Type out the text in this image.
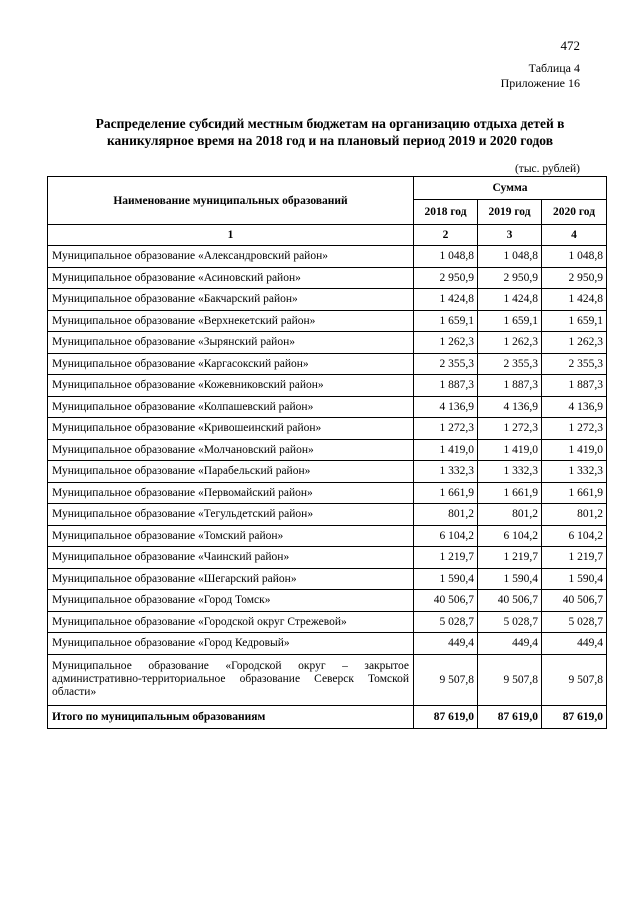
472
Таблица 4
Приложение 16
Распределение субсидий местным бюджетам на организацию отдыха детей в
каникулярное время на 2018 год и на плановый период 2019 и 2020 годов
(тыс. рублей)
Наименование муниципальных образований	Сумма		
	2018 год	2019 год	2020 год
1	2	3	4
Муниципальное образование «Александровский район»	1 048,8	1 048,8	1 048,8
Муниципальное образование «Асиновский район»	2 950,9	2 950,9	2 950,9
Муниципальное образование «Бакчарский район»	1 424,8	1 424,8	1 424,8
Муниципальное образование «Верхнекетский район»	1 659,1	1 659,1	1 659,1
Муниципальное образование «Зырянский район»	1 262,3	1 262,3	1 262,3
Муниципальное образование «Каргасокский район»	2 355,3	2 355,3	2 355,3
Муниципальное образование «Кожевниковский район»	1 887,3	1 887,3	1 887,3
Муниципальное образование «Колпашевский район»	4 136,9	4 136,9	4 136,9
Муниципальное образование «Кривошеинский район»	1 272,3	1 272,3	1 272,3
Муниципальное образование «Молчановский район»	1 419,0	1 419,0	1 419,0
Муниципальное образование «Парабельский район»	1 332,3	1 332,3	1 332,3
Муниципальное образование «Первомайский район»	1 661,9	1 661,9	1 661,9
Муниципальное образование «Тегульдетский район»	801,2	801,2	801,2
Муниципальное образование «Томский район»	6 104,2	6 104,2	6 104,2
Муниципальное образование «Чаинский район»	1 219,7	1 219,7	1 219,7
Муниципальное образование «Шегарский район»	1 590,4	1 590,4	1 590,4
Муниципальное образование «Город Томск»	40 506,7	40 506,7	40 506,7
Муниципальное образование «Городской округ Стрежевой»	5 028,7	5 028,7	5 028,7
Муниципальное образование «Город Кедровый»	449,4	449,4	449,4
Муниципальное образование «Городской округ – закрытое административно-территориальное образование Северск Томской области»	9 507,8	9 507,8	9 507,8
Итого по муниципальным образованиям	87 619,0	87 619,0	87 619,0
